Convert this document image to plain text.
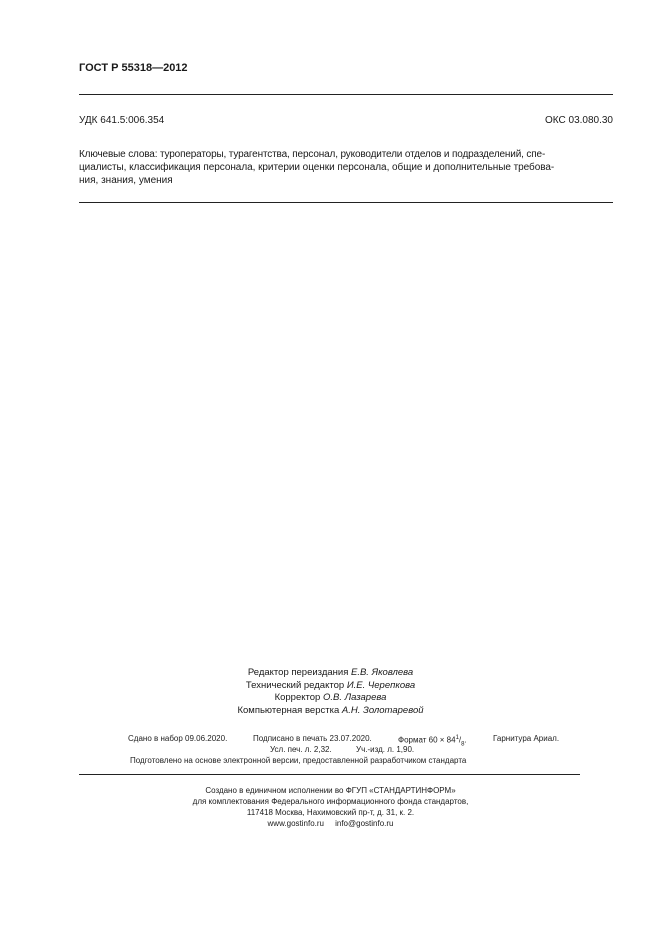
ГОСТ Р 55318—2012
УДК 641.5:006.354	ОКС 03.080.30
Ключевые слова: туроператоры, турагентства, персонал, руководители отделов и подразделений, спе-
циалисты, классификация персонала, критерии оценки персонала, общие и дополнительные требова-
ния, знания, умения
Редактор переиздания Е.В. Яковлева
Технический редактор И.Е. Черепкова
Корректор О.В. Лазарева
Компьютерная верстка А.Н. Золотаревой
Сдано в набор 09.06.2020.	Подписано в печать 23.07.2020.	Формат $60 \times 84^1/_8$.	Гарнитура Ариал.
Усл. печ. л. 2,32.	Уч.-изд. л. 1,90.
Подготовлено на основе электронной версии, предоставленной разработчиком стандарта
Создано в единичном исполнении во ФГУП «СТАНДАРТИНФОРМ»
для комплектования Федерального информационного фонда стандартов,
117418 Москва, Нахимовский пр-т, д. 31, к. 2.
www.gostinfo.ru info@gostinfo.ru
